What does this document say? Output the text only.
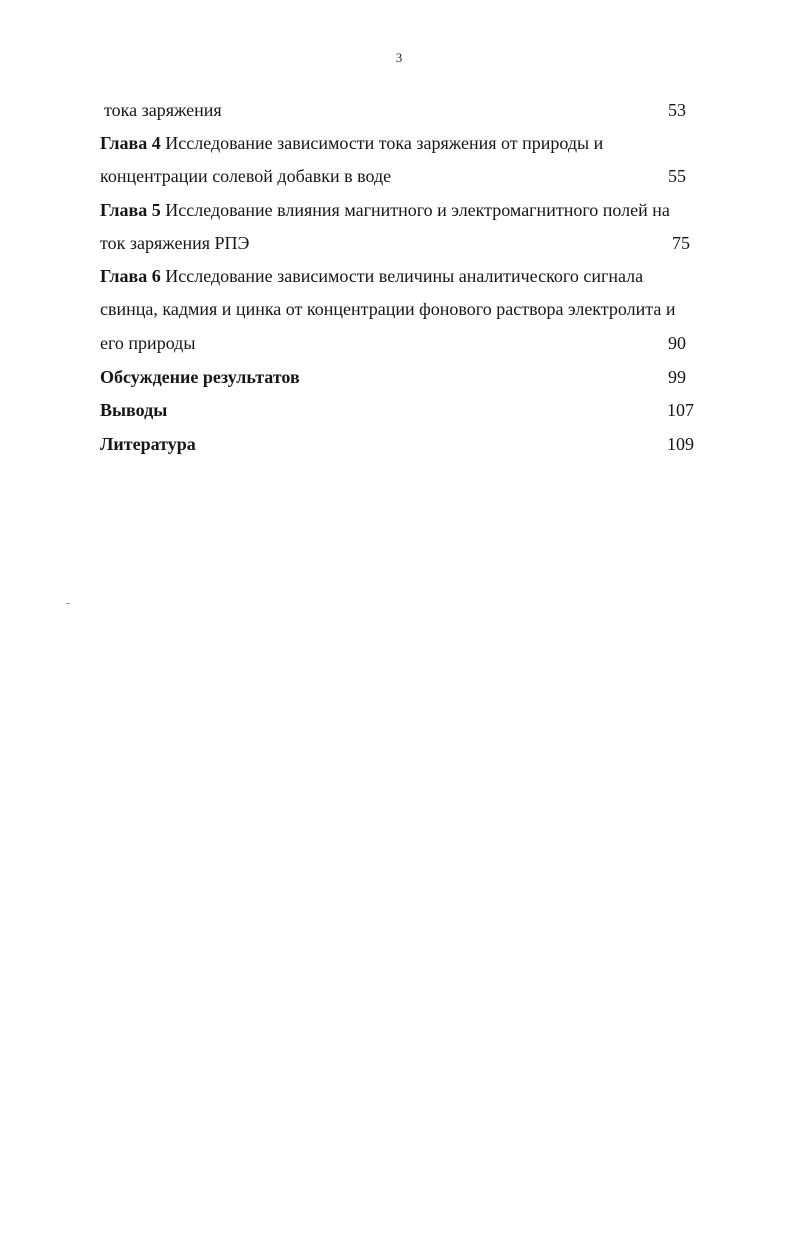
3
тока заряжения	53
Глава 4 Исследование зависимости тока заряжения от природы и
концентрации солевой добавки в воде	55
Глава 5 Исследование влияния магнитного и электромагнитного полей на
ток заряжения РПЭ	75
Глава 6 Исследование зависимости величины аналитического сигнала
свинца, кадмия и цинка от концентрации фонового раствора электролита и
его природы	90
Обсуждение результатов	99
Выводы	107
Литература	109
